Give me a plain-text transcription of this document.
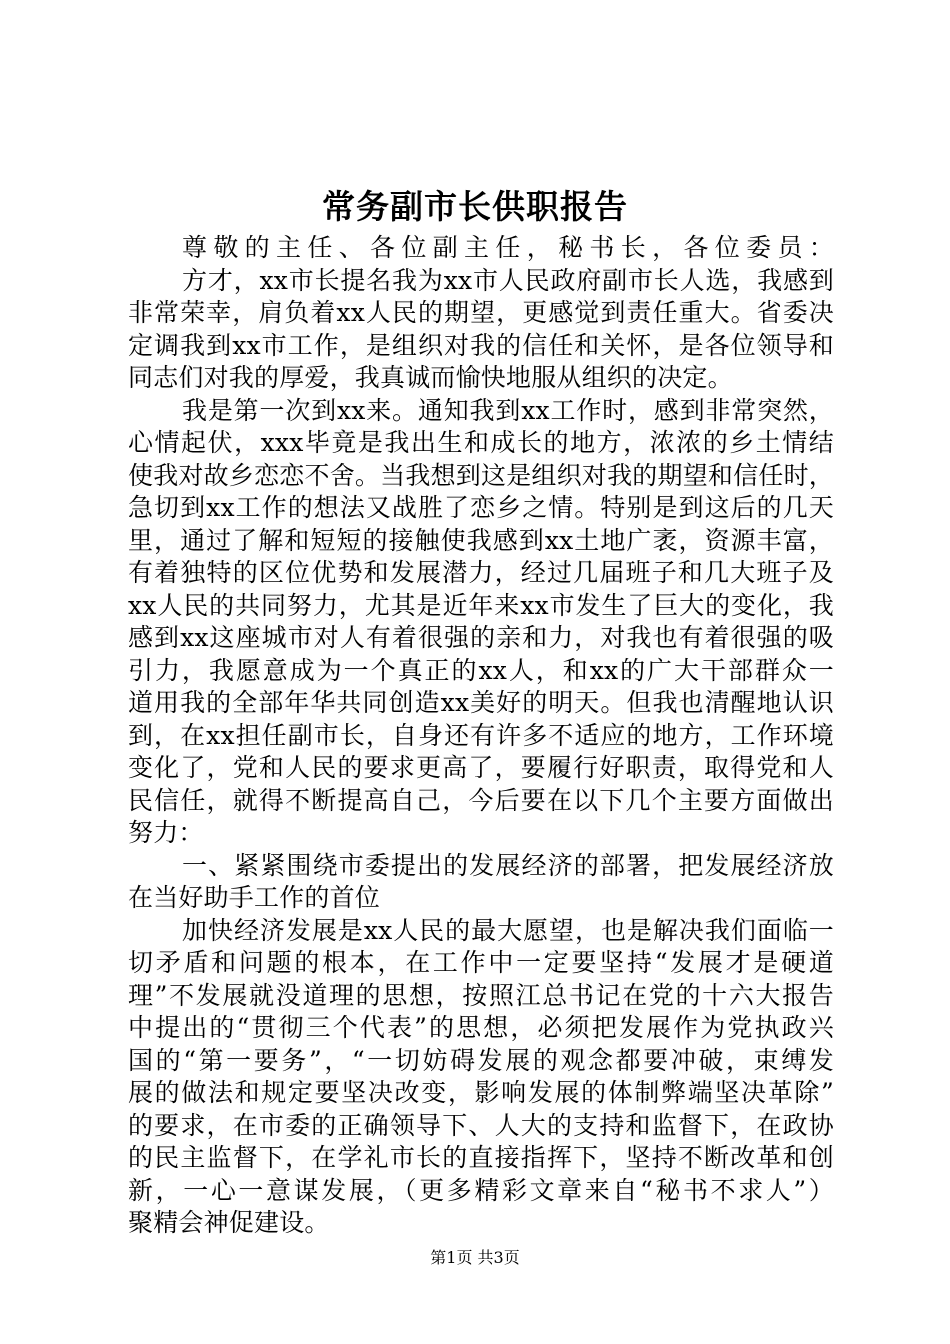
常务副市长供职报告
尊敬的主任、各位副主任，秘书长，各位委员：
方才，xx市长提名我为xx市人民政府副市长人选，我感到
非常荣幸，肩负着xx人民的期望，更感觉到责任重大。省委决
定调我到xx市工作，是组织对我的信任和关怀，是各位领导和
同志们对我的厚爱，我真诚而愉快地服从组织的决定。
我是第一次到xx来。通知我到xx工作时，感到非常突然，
心情起伏，xxx毕竟是我出生和成长的地方，浓浓的乡土情结
使我对故乡恋恋不舍。当我想到这是组织对我的期望和信任时，
急切到xx工作的想法又战胜了恋乡之情。特别是到这后的几天
里，通过了解和短短的接触使我感到xx土地广袤，资源丰富，
有着独特的区位优势和发展潜力，经过几届班子和几大班子及
xx人民的共同努力，尤其是近年来xx市发生了巨大的变化，我
感到xx这座城市对人有着很强的亲和力，对我也有着很强的吸
引力，我愿意成为一个真正的xx人，和xx的广大干部群众一
道用我的全部年华共同创造xx美好的明天。但我也清醒地认识
到，在xx担任副市长，自身还有许多不适应的地方，工作环境
变化了，党和人民的要求更高了，要履行好职责，取得党和人
民信任，就得不断提高自己，今后要在以下几个主要方面做出
努力：
一、紧紧围绕市委提出的发展经济的部署，把发展经济放
在当好助手工作的首位
加快经济发展是xx人民的最大愿望，也是解决我们面临一
切矛盾和问题的根本，在工作中一定要坚持“发展才是硬道
理”不发展就没道理的思想，按照江总书记在党的十六大报告
中提出的“贯彻三个代表”的思想，必须把发展作为党执政兴
国的“第一要务”，“一切妨碍发展的观念都要冲破，束缚发
展的做法和规定要坚决改变，影响发展的体制弊端坚决革除”
的要求，在市委的正确领导下、人大的支持和监督下，在政协
的民主监督下，在学礼市长的直接指挥下，坚持不断改革和创
新，一心一意谋发展，（更多精彩文章来自“秘书不求人”）
聚精会神促建设。
第1页 共3页
